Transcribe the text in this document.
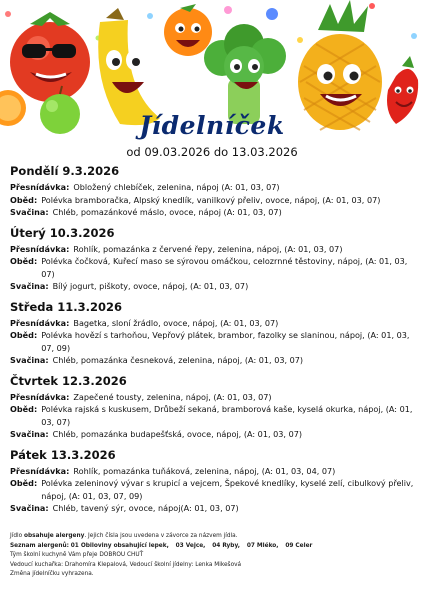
Jídelníček
od 09.03.2026 do 13.03.2026
Pondělí 9.3.2026
Přesnídávka: Obložený chlebíček, zelenina, nápoj (A: 01, 03, 07)
Oběd: Polévka bramboračka, Alpský knedlík, vanilkový přeliv, ovoce, nápoj, (A: 01, 03, 07)
Svačina: Chléb, pomazánkové máslo, ovoce, nápoj (A: 01, 03, 07)
Úterý 10.3.2026
Přesnídávka: Rohlík, pomazánka z červené řepy, zelenina, nápoj, (A: 01, 03, 07)
Oběd: Polévka čočková, Kuřecí maso se sýrovou omáčkou, celozrnné těstoviny, nápoj, (A: 01, 03, 07)
Svačina: Bílý jogurt, piškoty, ovoce, nápoj, (A: 01, 03, 07)
Středa 11.3.2026
Přesnídávka: Bagetka, sloní žrádlo, ovoce, nápoj, (A: 01, 03, 07)
Oběd: Polévka hovězí s tarhoňou, Vepřový plátek, brambor, fazolky se slaninou, nápoj, (A: 01, 03, 07, 09)
Svačina: Chléb, pomazánka česneková, zelenina, nápoj, (A: 01, 03, 07)
Čtvrtek 12.3.2026
Přesnídávka: Zapečené tousty, zelenina, nápoj, (A: 01, 03, 07)
Oběd: Polévka rajská s kuskusem, Drůbeží sekaná, bramborová kaše, kyselá okurka, nápoj, (A: 01, 03, 07)
Svačina: Chléb, pomazánka budapešťská, ovoce, nápoj, (A: 01, 03, 07)
Pátek 13.3.2026
Přesnídávka: Rohlík, pomazánka tuňáková, zelenina, nápoj, (A: 01, 03, 04, 07)
Oběd: Polévka zeleninový vývar s krupicí a vejcem, Špekové knedlíky, kyselé zelí, cibulkový přeliv, nápoj, (A: 01, 03, 07, 09)
Svačina: Chléb, tavený sýr, ovoce, nápoj(A: 01, 03, 07)
Jídlo obsahuje alergeny. Jejich čísla jsou uvedena v závorce za názvem jídla.
Seznam alergenů: 01 Obiloviny obsahující lepek, 03 Vejce, 04 Ryby, 07 Mléko, 09 Celer
Tým školní kuchyně Vám přeje DOBROU CHUŤ
Vedoucí kuchařka: Drahomíra Klepalová, Vedoucí školní jídelny: Lenka Mikešová
Změna jídelníčku vyhrazena.
